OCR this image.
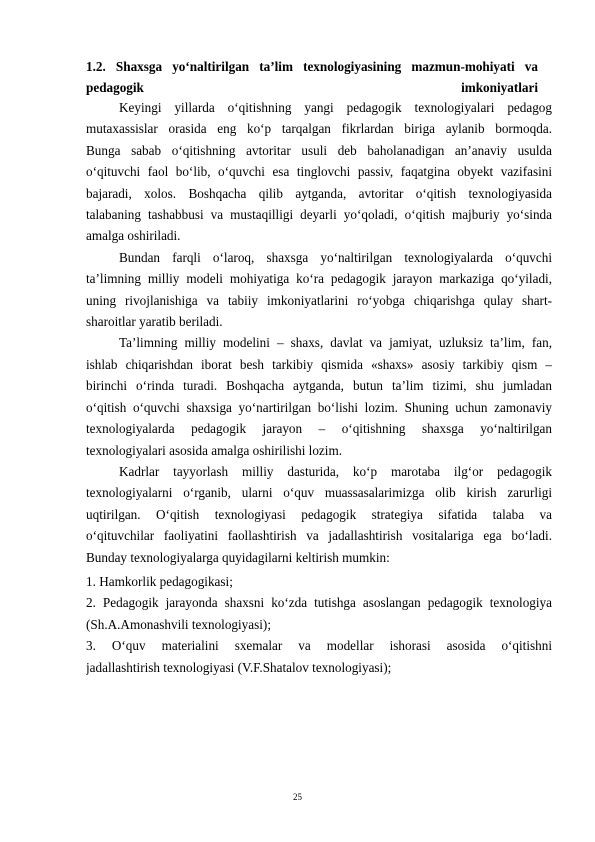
1.2. Shaxsga yo‘naltirilgan ta’lim texnologiyasining mazmun-mohiyati va
pedagogik imkoniyatlari
Keyingi yillarda o‘qitishning yangi pedagogik texnologiyalari pedagog
mutaxassislar orasida eng ko‘p tarqalgan fikrlardan biriga aylanib bormoqda.
Bunga sabab o‘qitishning avtoritar usuli deb baholanadigan an’anaviy usulda
o‘qituvchi faol bo‘lib, o‘quvchi esa tinglovchi passiv, faqatgina obyekt vazifasini
bajaradi, xolos. Boshqacha qilib aytganda, avtoritar o‘qitish texnologiyasida
talabaning tashabbusi va mustaqilligi deyarli yo‘qoladi, o‘qitish majburiy yo‘sinda
amalga oshiriladi.
Bundan farqli o‘laroq, shaxsga yo‘naltirilgan texnologiyalarda o‘quvchi
ta’limning milliy modeli mohiyatiga ko‘ra pedagogik jarayon markaziga qo‘yiladi,
uning rivojlanishiga va tabiiy imkoniyatlarini ro‘yobga chiqarishga qulay shart-
sharoitlar yaratib beriladi.
Ta’limning milliy modelini – shaxs, davlat va jamiyat, uzluksiz ta’lim, fan,
ishlab chiqarishdan iborat besh tarkibiy qismida «shaxs» asosiy tarkibiy qism –
birinchi o‘rinda turadi. Boshqacha aytganda, butun ta’lim tizimi, shu jumladan
o‘qitish o‘quvchi shaxsiga yo‘nartirilgan bo‘lishi lozim. Shuning uchun zamonaviy
texnologiyalarda pedagogik jarayon – o‘qitishning shaxsga yo‘naltirilgan
texnologiyalari asosida amalga oshirilishi lozim.
Kadrlar tayyorlash milliy dasturida, ko‘p marotaba ilg‘or pedagogik
texnologiyalarni o‘rganib, ularni o‘quv muassasalarimizga olib kirish zarurligi
uqtirilgan. O‘qitish texnologiyasi pedagogik strategiya sifatida talaba va
o‘qituvchilar faoliyatini faollashtirish va jadallashtirish vositalariga ega bo‘ladi.
Bunday texnologiyalarga quyidagilarni keltirish mumkin:
1. Hamkorlik pedagogikasi;
2. Pedagogik jarayonda shaxsni ko‘zda tutishga asoslangan pedagogik texnologiya
(Sh.A.Amonashvili texnologiyasi);
3. O‘quv materialini sxemalar va modellar ishorasi asosida o‘qitishni
jadallashtirish texnologiyasi (V.F.Shatalov texnologiyasi);
25
